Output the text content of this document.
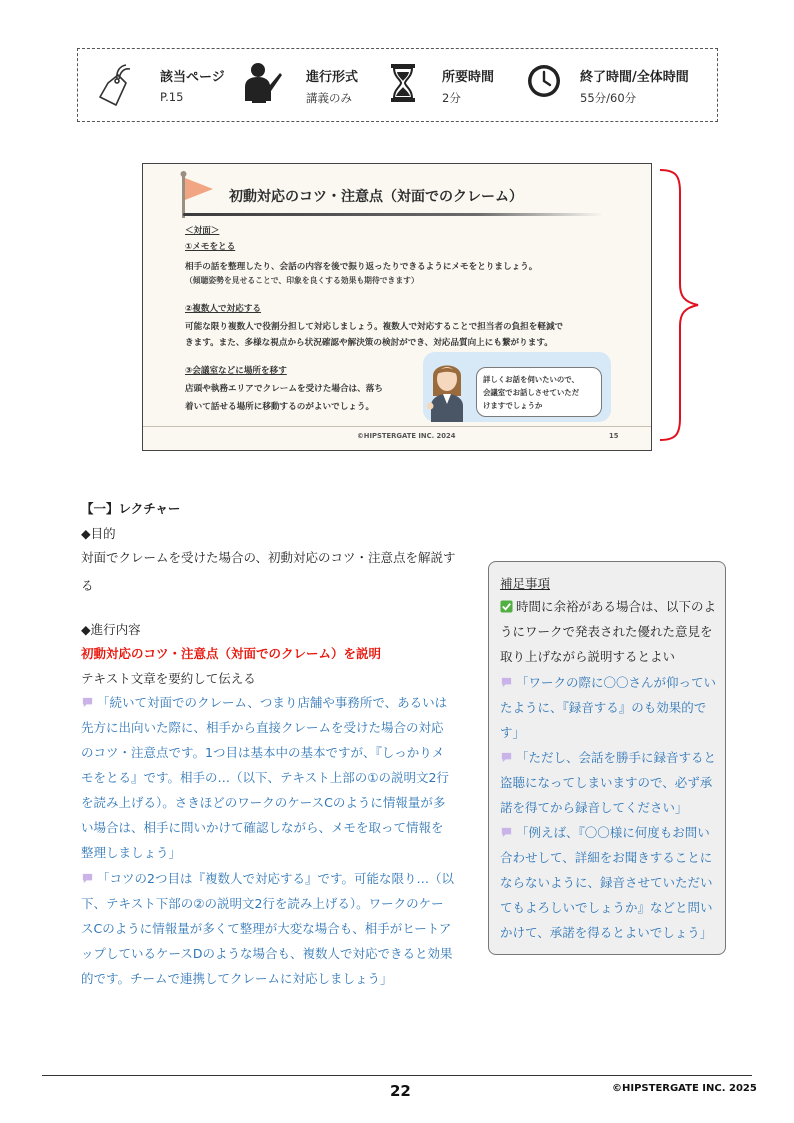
該当ページ
P.15
進行形式
講義のみ
所要時間
2分
終了時間/全体時間
55分/60分
初動対応のコツ・注意点（対面でのクレーム）
＜対面＞
①メモをとる
相手の話を整理したり、会話の内容を後で振り返ったりできるようにメモをとりましょう。
（傾聴姿勢を見せることで、印象を良くする効果も期待できます）
②複数人で対応する
可能な限り複数人で役割分担して対応しましょう。複数人で対応することで担当者の負担を軽減で
きます。また、多様な視点から状況確認や解決策の検討ができ、対応品質向上にも繋がります。
③会議室などに場所を移す
店頭や執務エリアでクレームを受けた場合は、落ち
着いて話せる場所に移動するのがよいでしょう。
詳しくお話を伺いたいので、
会議室でお話しさせていただ
けますでしょうか
©HIPSTERGATE INC. 2024	15
【一】レクチャー
◆目的
対面でクレームを受けた場合の、初動対応のコツ・注意点を解説す
る
◆進行内容
初動対応のコツ・注意点（対面でのクレーム）を説明
テキスト文章を要約して伝える
「続いて対面でのクレーム、つまり店舗や事務所で、あるいは先方に出向いた際に、相手から直接クレームを受けた場合の対応のコツ・注意点です。1つ目は基本中の基本ですが、『しっかりメモをとる』です。相手の…（以下、テキスト上部の①の説明文2行を読み上げる）。さきほどのワークのケースCのように情報量が多い場合は、相手に問いかけて確認しながら、メモを取って情報を整理しましょう」
「コツの2つ目は『複数人で対応する』です。可能な限り…（以下、テキスト下部の②の説明文2行を読み上げる）。ワークのケースCのように情報量が多くて整理が大変な場合も、相手がヒートアップしているケースDのような場合も、複数人で対応できると効果的です。チームで連携してクレームに対応しましょう」
補足事項
時間に余裕がある場合は、以下のようにワークで発表された優れた意見を取り上げながら説明するとよい
「ワークの際に〇〇さんが仰っていたように、『録音する』のも効果的です」
「ただし、会話を勝手に録音すると盗聴になってしまいますので、必ず承諾を得てから録音してください」
「例えば、『〇〇様に何度もお問い合わせして、詳細をお聞きすることにならないように、録音させていただいてもよろしいでしょうか』などと問いかけて、承諾を得るとよいでしょう」
22	©HIPSTERGATE INC. 2025
